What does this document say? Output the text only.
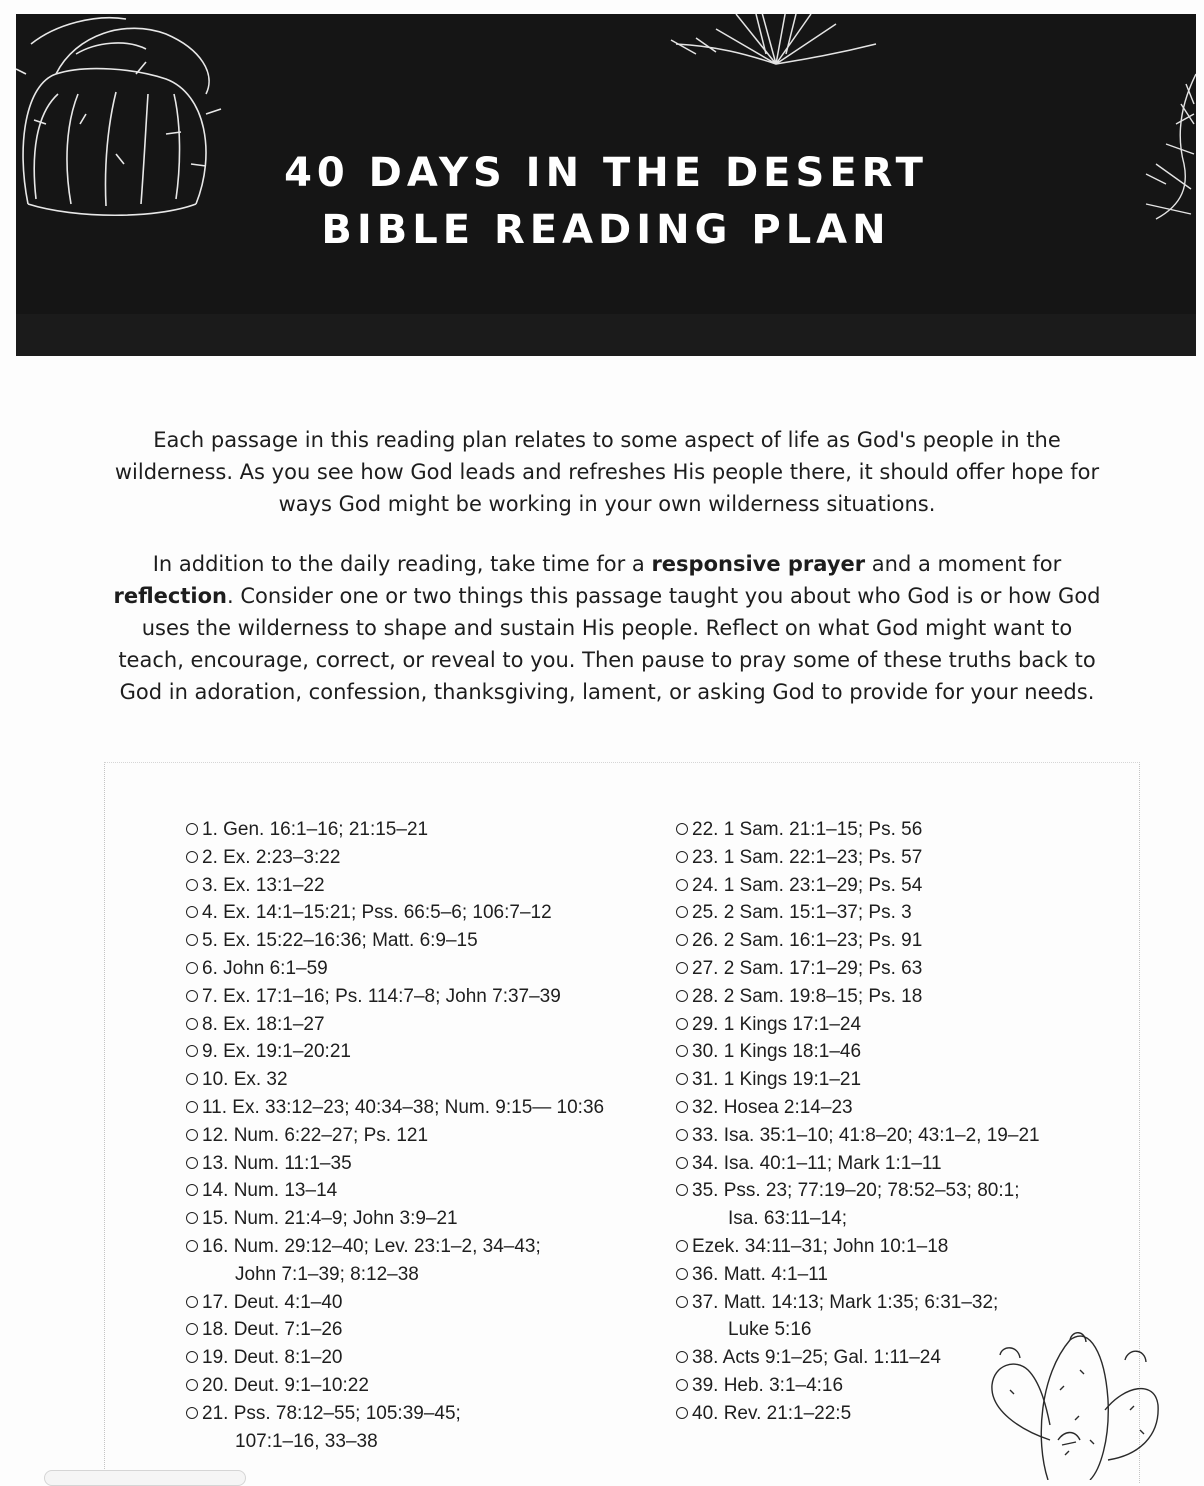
40 DAYS IN THE DESERT
BIBLE READING PLAN

Each passage in this reading plan relates to some aspect of life as God's people in the wilderness. As you see how God leads and refreshes His people there, it should offer hope for ways God might be working in your own wilderness situations.

In addition to the daily reading, take time for a responsive prayer and a moment for reflection. Consider one or two things this passage taught you about who God is or how God uses the wilderness to shape and sustain His people. Reflect on what God might want to teach, encourage, correct, or reveal to you. Then pause to pray some of these truths back to God in adoration, confession, thanksgiving, lament, or asking God to provide for your needs.

1. Gen. 16:1–16; 21:15–21
2. Ex. 2:23–3:22
3. Ex. 13:1–22
4. Ex. 14:1–15:21; Pss. 66:5–6; 106:7–12
5. Ex. 15:22–16:36; Matt. 6:9–15
6. John 6:1–59
7. Ex. 17:1–16; Ps. 114:7–8; John 7:37–39
8. Ex. 18:1–27
9. Ex. 19:1–20:21
10. Ex. 32
11. Ex. 33:12–23; 40:34–38; Num. 9:15— 10:36
12. Num. 6:22–27; Ps. 121
13. Num. 11:1–35
14. Num. 13–14
15. Num. 21:4–9; John 3:9–21
16. Num. 29:12–40; Lev. 23:1–2, 34–43;
John 7:1–39; 8:12–38
17. Deut. 4:1–40
18. Deut. 7:1–26
19. Deut. 8:1–20
20. Deut. 9:1–10:22
21. Pss. 78:12–55; 105:39–45;
107:1–16, 33–38
22. 1 Sam. 21:1–15; Ps. 56
23. 1 Sam. 22:1–23; Ps. 57
24. 1 Sam. 23:1–29; Ps. 54
25. 2 Sam. 15:1–37; Ps. 3
26. 2 Sam. 16:1–23; Ps. 91
27. 2 Sam. 17:1–29; Ps. 63
28. 2 Sam. 19:8–15; Ps. 18
29. 1 Kings 17:1–24
30. 1 Kings 18:1–46
31. 1 Kings 19:1–21
32. Hosea 2:14–23
33. Isa. 35:1–10; 41:8–20; 43:1–2, 19–21
34. Isa. 40:1–11; Mark 1:1–11
35. Pss. 23; 77:19–20; 78:52–53; 80:1;
Isa. 63:11–14;
Ezek. 34:11–31; John 10:1–18
36. Matt. 4:1–11
37. Matt. 14:13; Mark 1:35; 6:31–32;
Luke 5:16
38. Acts 9:1–25; Gal. 1:11–24
39. Heb. 3:1–4:16
40. Rev. 21:1–22:5
